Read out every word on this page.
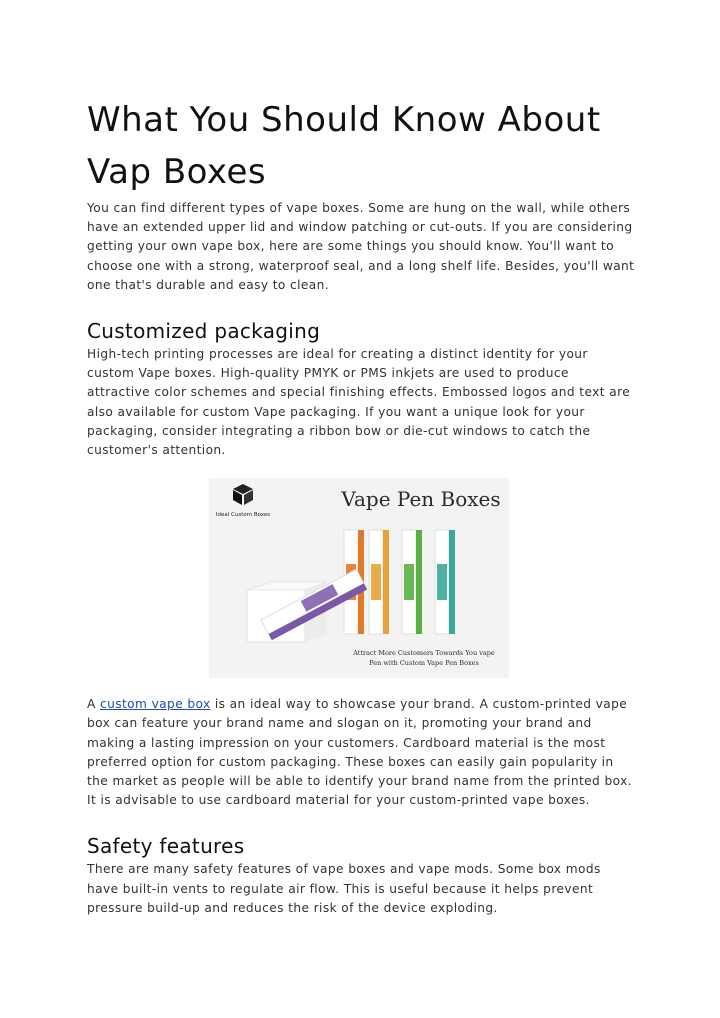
What You Should Know About
Vap Boxes

You can find different types of vape boxes. Some are hung on the wall, while others have an extended upper lid and window patching or cut-outs. If you are considering getting your own vape box, here are some things you should know. You'll want to choose one with a strong, waterproof seal, and a long shelf life. Besides, you'll want one that's durable and easy to clean.

Customized packaging

High-tech printing processes are ideal for creating a distinct identity for your custom Vape boxes. High-quality PMYK or PMS inkjets are used to produce attractive color schemes and special finishing effects. Embossed logos and text are also available for custom Vape packaging. If you want a unique look for your packaging, consider integrating a ribbon bow or die-cut windows to catch the customer's attention.

Ideal Custom Boxes
Vape Pen Boxes
Attract More Customers Towards You vape
Pen with Custom Vape Pen Boxes

A custom vape box is an ideal way to showcase your brand. A custom-printed vape box can feature your brand name and slogan on it, promoting your brand and making a lasting impression on your customers. Cardboard material is the most preferred option for custom packaging. These boxes can easily gain popularity in the market as people will be able to identify your brand name from the printed box. It is advisable to use cardboard material for your custom-printed vape boxes.

Safety features

There are many safety features of vape boxes and vape mods. Some box mods have built-in vents to regulate air flow. This is useful because it helps prevent pressure build-up and reduces the risk of the device exploding.
